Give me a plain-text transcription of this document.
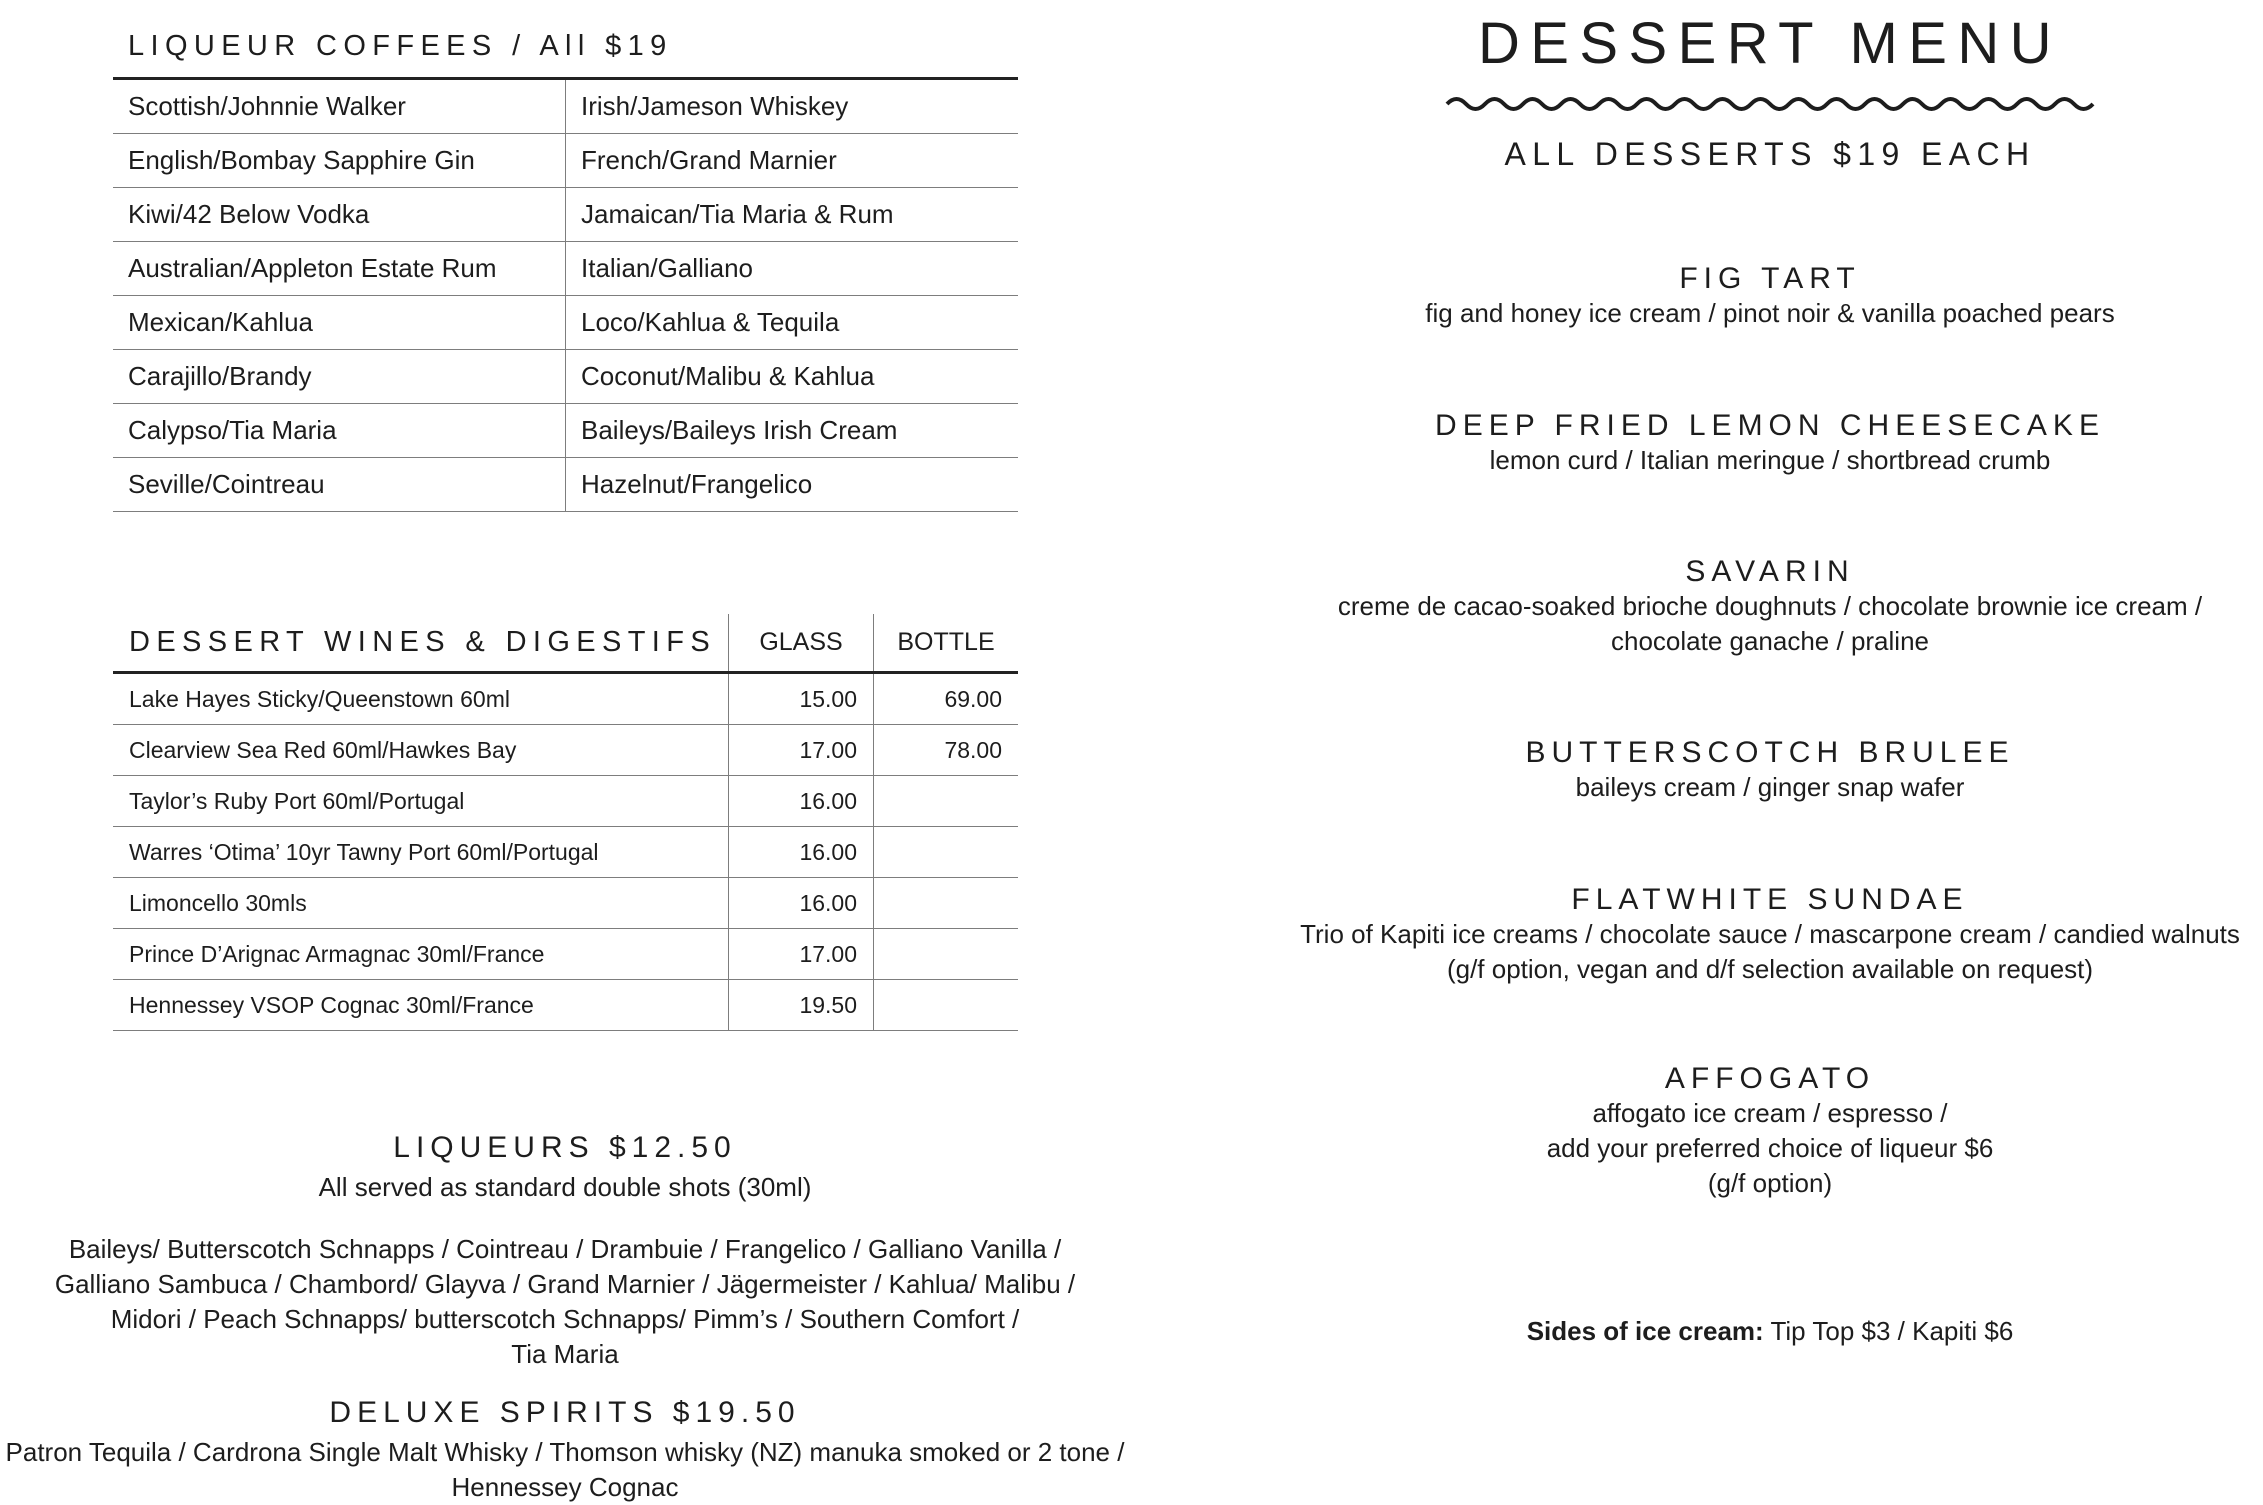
LIQUEUR COFFEES / All $19
Scottish/Johnnie Walker	Irish/Jameson Whiskey
English/Bombay Sapphire Gin	French/Grand Marnier
Kiwi/42 Below Vodka	Jamaican/Tia Maria & Rum
Australian/Appleton Estate Rum	Italian/Galliano
Mexican/Kahlua	Loco/Kahlua & Tequila
Carajillo/Brandy	Coconut/Malibu & Kahlua
Calypso/Tia Maria	Baileys/Baileys Irish Cream
Seville/Cointreau	Hazelnut/Frangelico
DESSERT WINES & DIGESTIFS	GLASS	BOTTLE
Lake Hayes Sticky/Queenstown 60ml	15.00	69.00
Clearview Sea Red 60ml/Hawkes Bay	17.00	78.00
Taylor’s Ruby Port 60ml/Portugal	16.00	
Warres ‘Otima’ 10yr Tawny Port 60ml/Portugal	16.00	
Limoncello 30mls	16.00	
Prince D’Arignac Armagnac 30ml/France	17.00	
Hennessey VSOP Cognac 30ml/France	19.50	
LIQUEURS $12.50
All served as standard double shots (30ml)
Baileys/ Butterscotch Schnapps / Cointreau / Drambuie / Frangelico / Galliano Vanilla /
Galliano Sambuca / Chambord/ Glayva / Grand Marnier / Jägermeister / Kahlua/ Malibu /
Midori / Peach Schnapps/ butterscotch Schnapps/ Pimm’s / Southern Comfort /
Tia Maria
DELUXE SPIRITS $19.50
Patron Tequila / Cardrona Single Malt Whisky / Thomson whisky (NZ) manuka smoked or 2 tone /
Hennessey Cognac
DESSERT MENU
ALL DESSERTS $19 EACH
FIG TART
fig and honey ice cream / pinot noir & vanilla poached pears
DEEP FRIED LEMON CHEESECAKE
lemon curd / Italian meringue / shortbread crumb
SAVARIN
creme de cacao-soaked brioche doughnuts / chocolate brownie ice cream /
chocolate ganache / praline
BUTTERSCOTCH BRULEE
baileys cream / ginger snap wafer
FLATWHITE SUNDAE
Trio of Kapiti ice creams / chocolate sauce / mascarpone cream / candied walnuts
(g/f option, vegan and d/f selection available on request)
AFFOGATO
affogato ice cream / espresso /
add your preferred choice of liqueur $6
(g/f option)
Sides of ice cream: Tip Top $3 / Kapiti $6
